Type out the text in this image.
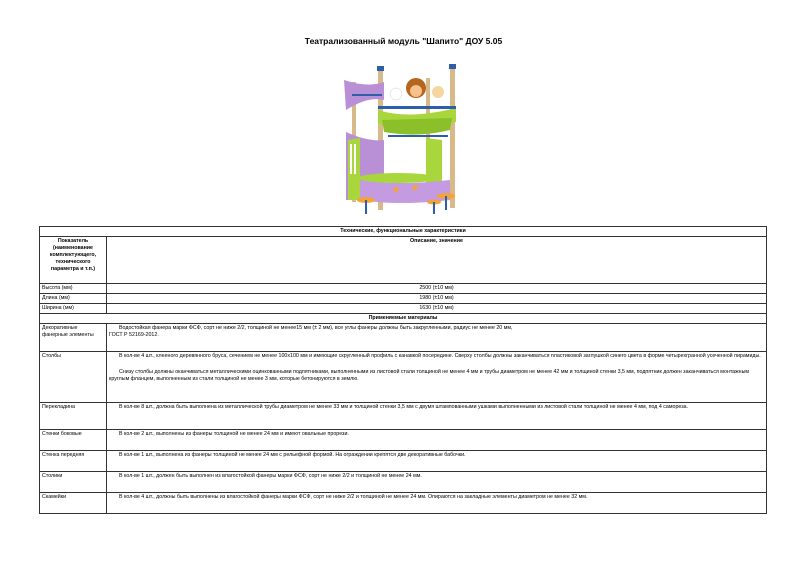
Театрализованный модуль "Шапито" ДОУ 5.05
Технические, функциональные характеристики	
Показатель (наименование комплектующего, технического параметра и т.п.)	Описание, значение
Высота (мм)	2500 (±10 мм)
Длина (мм)	1980 (±10 мм)
Ширина (мм)	1630 (±10 мм)
Применяемые материалы	
Декоративные фанерные элементы	Водостойкая фанера марки ФСФ, сорт не ниже 2/2, толщиной не менее15 мм (± 2 мм), все углы фанеры должны быть закругленными, радиус не менее 20 мм,

ГОСТ Р 52169-2012.

Столбы	В кол-ве 4 шт., клееного деревянного бруса, сечением не менее 100х100 мм и имеющие скругленный профиль с канавкой посередине. Сверху столбы должны заканчиваться пластиковой заглушкой синего цвета в форме четырехгранной усеченной пирамиды.

Снизу столбы должны оканчиваться металлическими оцинкованными подпятниками, выполненными из листовой стали толщиной не менее 4 мм и трубы диаметром не менее 42 мм и толщиной стенки 3,5 мм, подпятник должен заканчиваться монтажным круглым фланцем, выполненным из стали толщиной не менее 3 мм, которые бетонируются в землю.

Перекладина	В кол-ве 8 шт., должна быть выполнена из металлической трубы диаметром не менее 33 мм и толщиной стенки 3,5 мм с двумя штампованными ушками выполненными из листовой стали толщиной не менее 4 мм, под 4 самореза.

Стенки боковые	В кол-ве 2 шт., выполнены из фанеры толщиной не менее 24 мм и имеют овальные прорези.

Стенка передняя	В кол-ве 1 шт., выполнена из фанеры толщиной не менее 24 мм с рельефной формой. На ограждении крепятся две декоративные бабочки.

Столики	В кол-ве 1 шт., должен быть выполнен из влагостойкой фанеры марки ФСФ, сорт не ниже 2/2 и толщиной не менее 24 мм.

Скамейки	В кол-ве 4 шт., должны быть выполнены из влагостойкой фанеры марки ФСФ, сорт не ниже 2/2 и толщиной не менее 24 мм. Опираются на закладные элементы диаметром не менее 32 мм.
